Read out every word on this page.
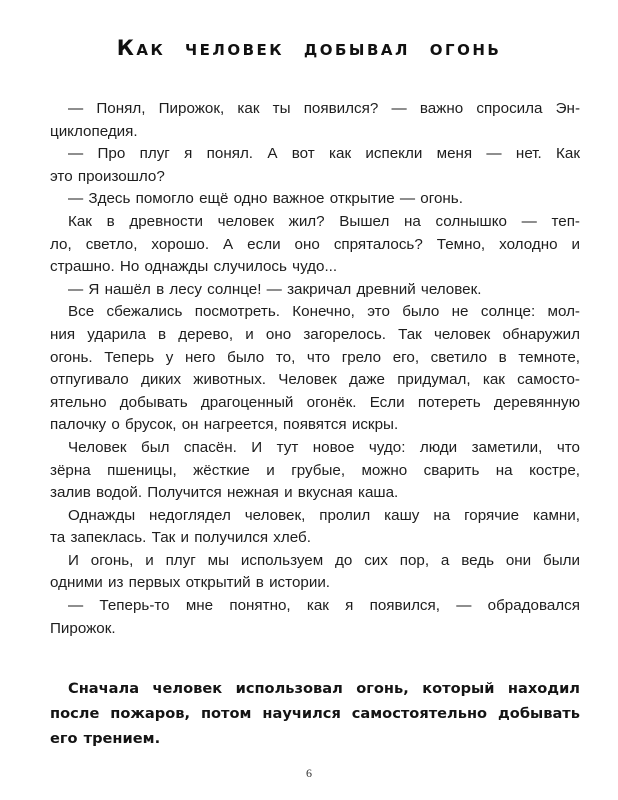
Как человек добывал огонь
— Понял, Пирожок, как ты появился? — важно спросила Эн-
циклопедия.
— Про плуг я понял. А вот как испекли меня — нет. Как
это произошло?
— Здесь помогло ещё одно важное открытие — огонь.
Как в древности человек жил? Вышел на солнышко — теп-
ло, светло, хорошо. А если оно спряталось? Темно, холодно и
страшно. Но однажды случилось чудо...
— Я нашёл в лесу солнце! — закричал древний человек.
Все сбежались посмотреть. Конечно, это было не солнце: мол-
ния ударила в дерево, и оно загорелось. Так человек обнаружил
огонь. Теперь у него было то, что грело его, светило в темноте,
отпугивало диких животных. Человек даже придумал, как самосто-
ятельно добывать драгоценный огонёк. Если потереть деревянную
палочку о брусок, он нагреется, появятся искры.
Человек был спасён. И тут новое чудо: люди заметили, что
зёрна пшеницы, жёсткие и грубые, можно сварить на костре,
залив водой. Получится нежная и вкусная каша.
Однажды недоглядел человек, пролил кашу на горячие камни,
та запеклась. Так и получился хлеб.
И огонь, и плуг мы используем до сих пор, а ведь они были
одними из первых открытий в истории.
— Теперь-то мне понятно, как я появился, — обрадовался
Пирожок.
Сначала человек использовал огонь, который находил
после пожаров, потом научился самостоятельно добывать
его трением.
6
